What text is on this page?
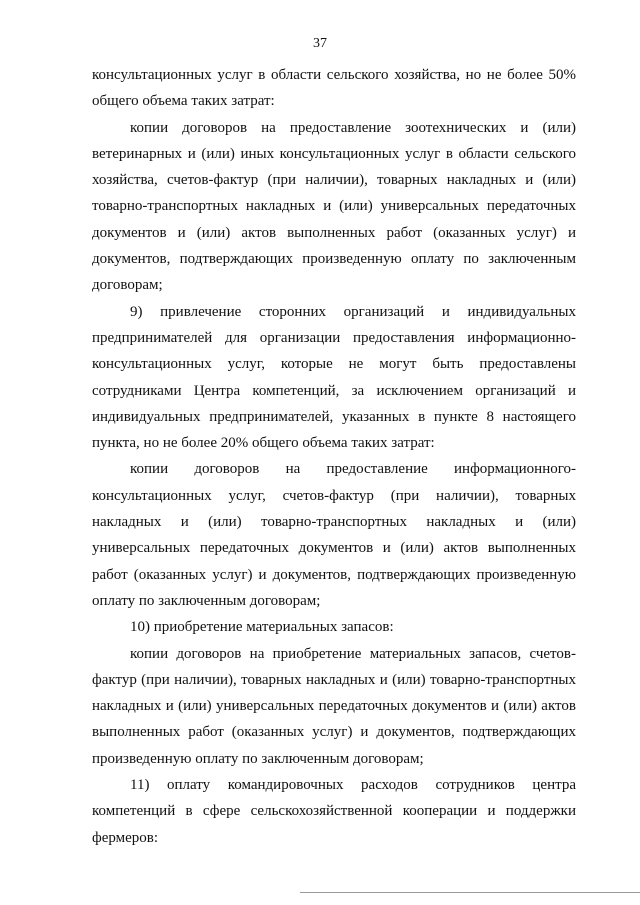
37

консультационных услуг в области сельского хозяйства, но не более 50% общего объема таких затрат:

копии договоров на предоставление зоотехнических и (или) ветеринарных и (или) иных консультационных услуг в области сельского хозяйства, счетов-фактур (при наличии), товарных накладных и (или) товарно-транспортных накладных и (или) универсальных передаточных документов и (или) актов выполненных работ (оказанных услуг) и документов, подтверждающих произведенную оплату по заключенным договорам;

9) привлечение сторонних организаций и индивидуальных предпринимателей для организации предоставления информационно-консультационных услуг, которые не могут быть предоставлены сотрудниками Центра компетенций, за исключением организаций и индивидуальных предпринимателей, указанных в пункте 8 настоящего пункта, но не более 20% общего объема таких затрат:

копии договоров на предоставление информационного-консультационных услуг, счетов-фактур (при наличии), товарных накладных и (или) товарно-транспортных накладных и (или) универсальных передаточных документов и (или) актов выполненных работ (оказанных услуг) и документов, подтверждающих произведенную оплату по заключенным договорам;

10) приобретение материальных запасов:

копии договоров на приобретение материальных запасов, счетов-фактур (при наличии), товарных накладных и (или) товарно-транспортных накладных и (или) универсальных передаточных документов и (или) актов выполненных работ (оказанных услуг) и документов, подтверждающих произведенную оплату по заключенным договорам;

11) оплату командировочных расходов сотрудников центра компетенций в сфере сельскохозяйственной кооперации и поддержки фермеров:
